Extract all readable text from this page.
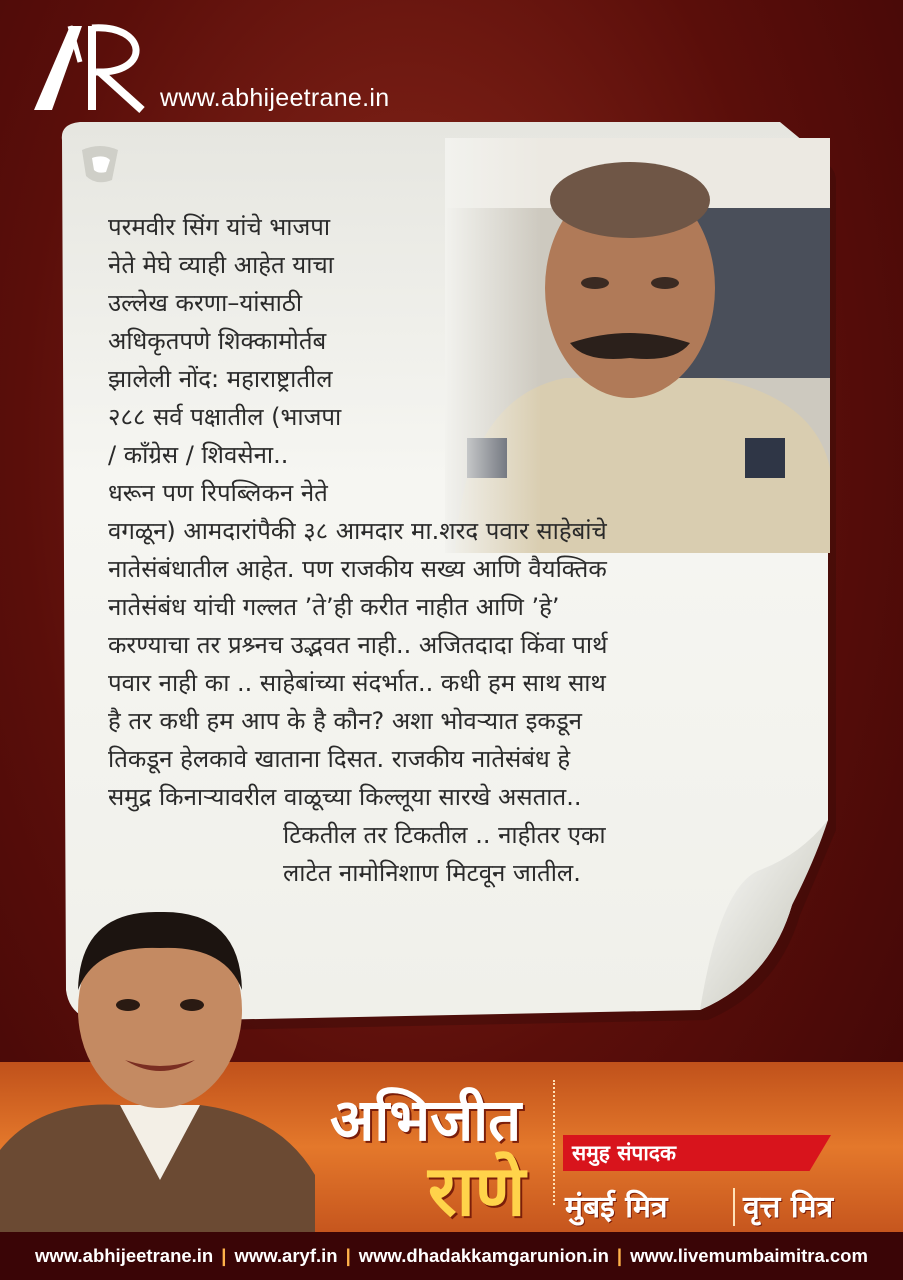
www.abhijeetrane.in
परमवीर सिंग यांचे भाजपा
नेते मेघे व्याही आहेत याचा
उल्लेख करणा–यांसाठी
अधिकृतपणे शिक्कामोर्तब
झालेली नोंद: महाराष्ट्रातील
२८८ सर्व पक्षातील (भाजपा
/ काँग्रेस / शिवसेना..
धरून पण रिपब्लिकन नेते
वगळून) आमदारांपैकी ३८ आमदार मा.शरद पवार साहेबांचे
नातेसंबंधातील आहेत. पण राजकीय सख्य आणि वैयक्तिक
नातेसंबंध यांची गल्लत ’ते’ही करीत नाहीत आणि ’हे’
करण्याचा तर प्रश्र्नच उद्भवत नाही.. अजितदादा किंवा पार्थ
पवार नाही का .. साहेबांच्या संदर्भात.. कधी हम साथ साथ
है तर कधी हम आप के है कौन? अशा भोवऱ्यात इकडून
तिकडून हेलकावे खाताना दिसत. राजकीय नातेसंबंध हे
समुद्र किनाऱ्यावरील वाळूच्या किल्लूया सारखे असतात..
टिकतील तर टिकतील .. नाहीतर एका
लाटेत नामोनिशाण मिटवून जातील.
अभिजीत
राणे समुह संपादक
मुंबई मित्र	वृत्त मित्र
www.abhijeetrane.in | www.aryf.in | www.dhadakkamgarunion.in | www.livemumbaimitra.com
